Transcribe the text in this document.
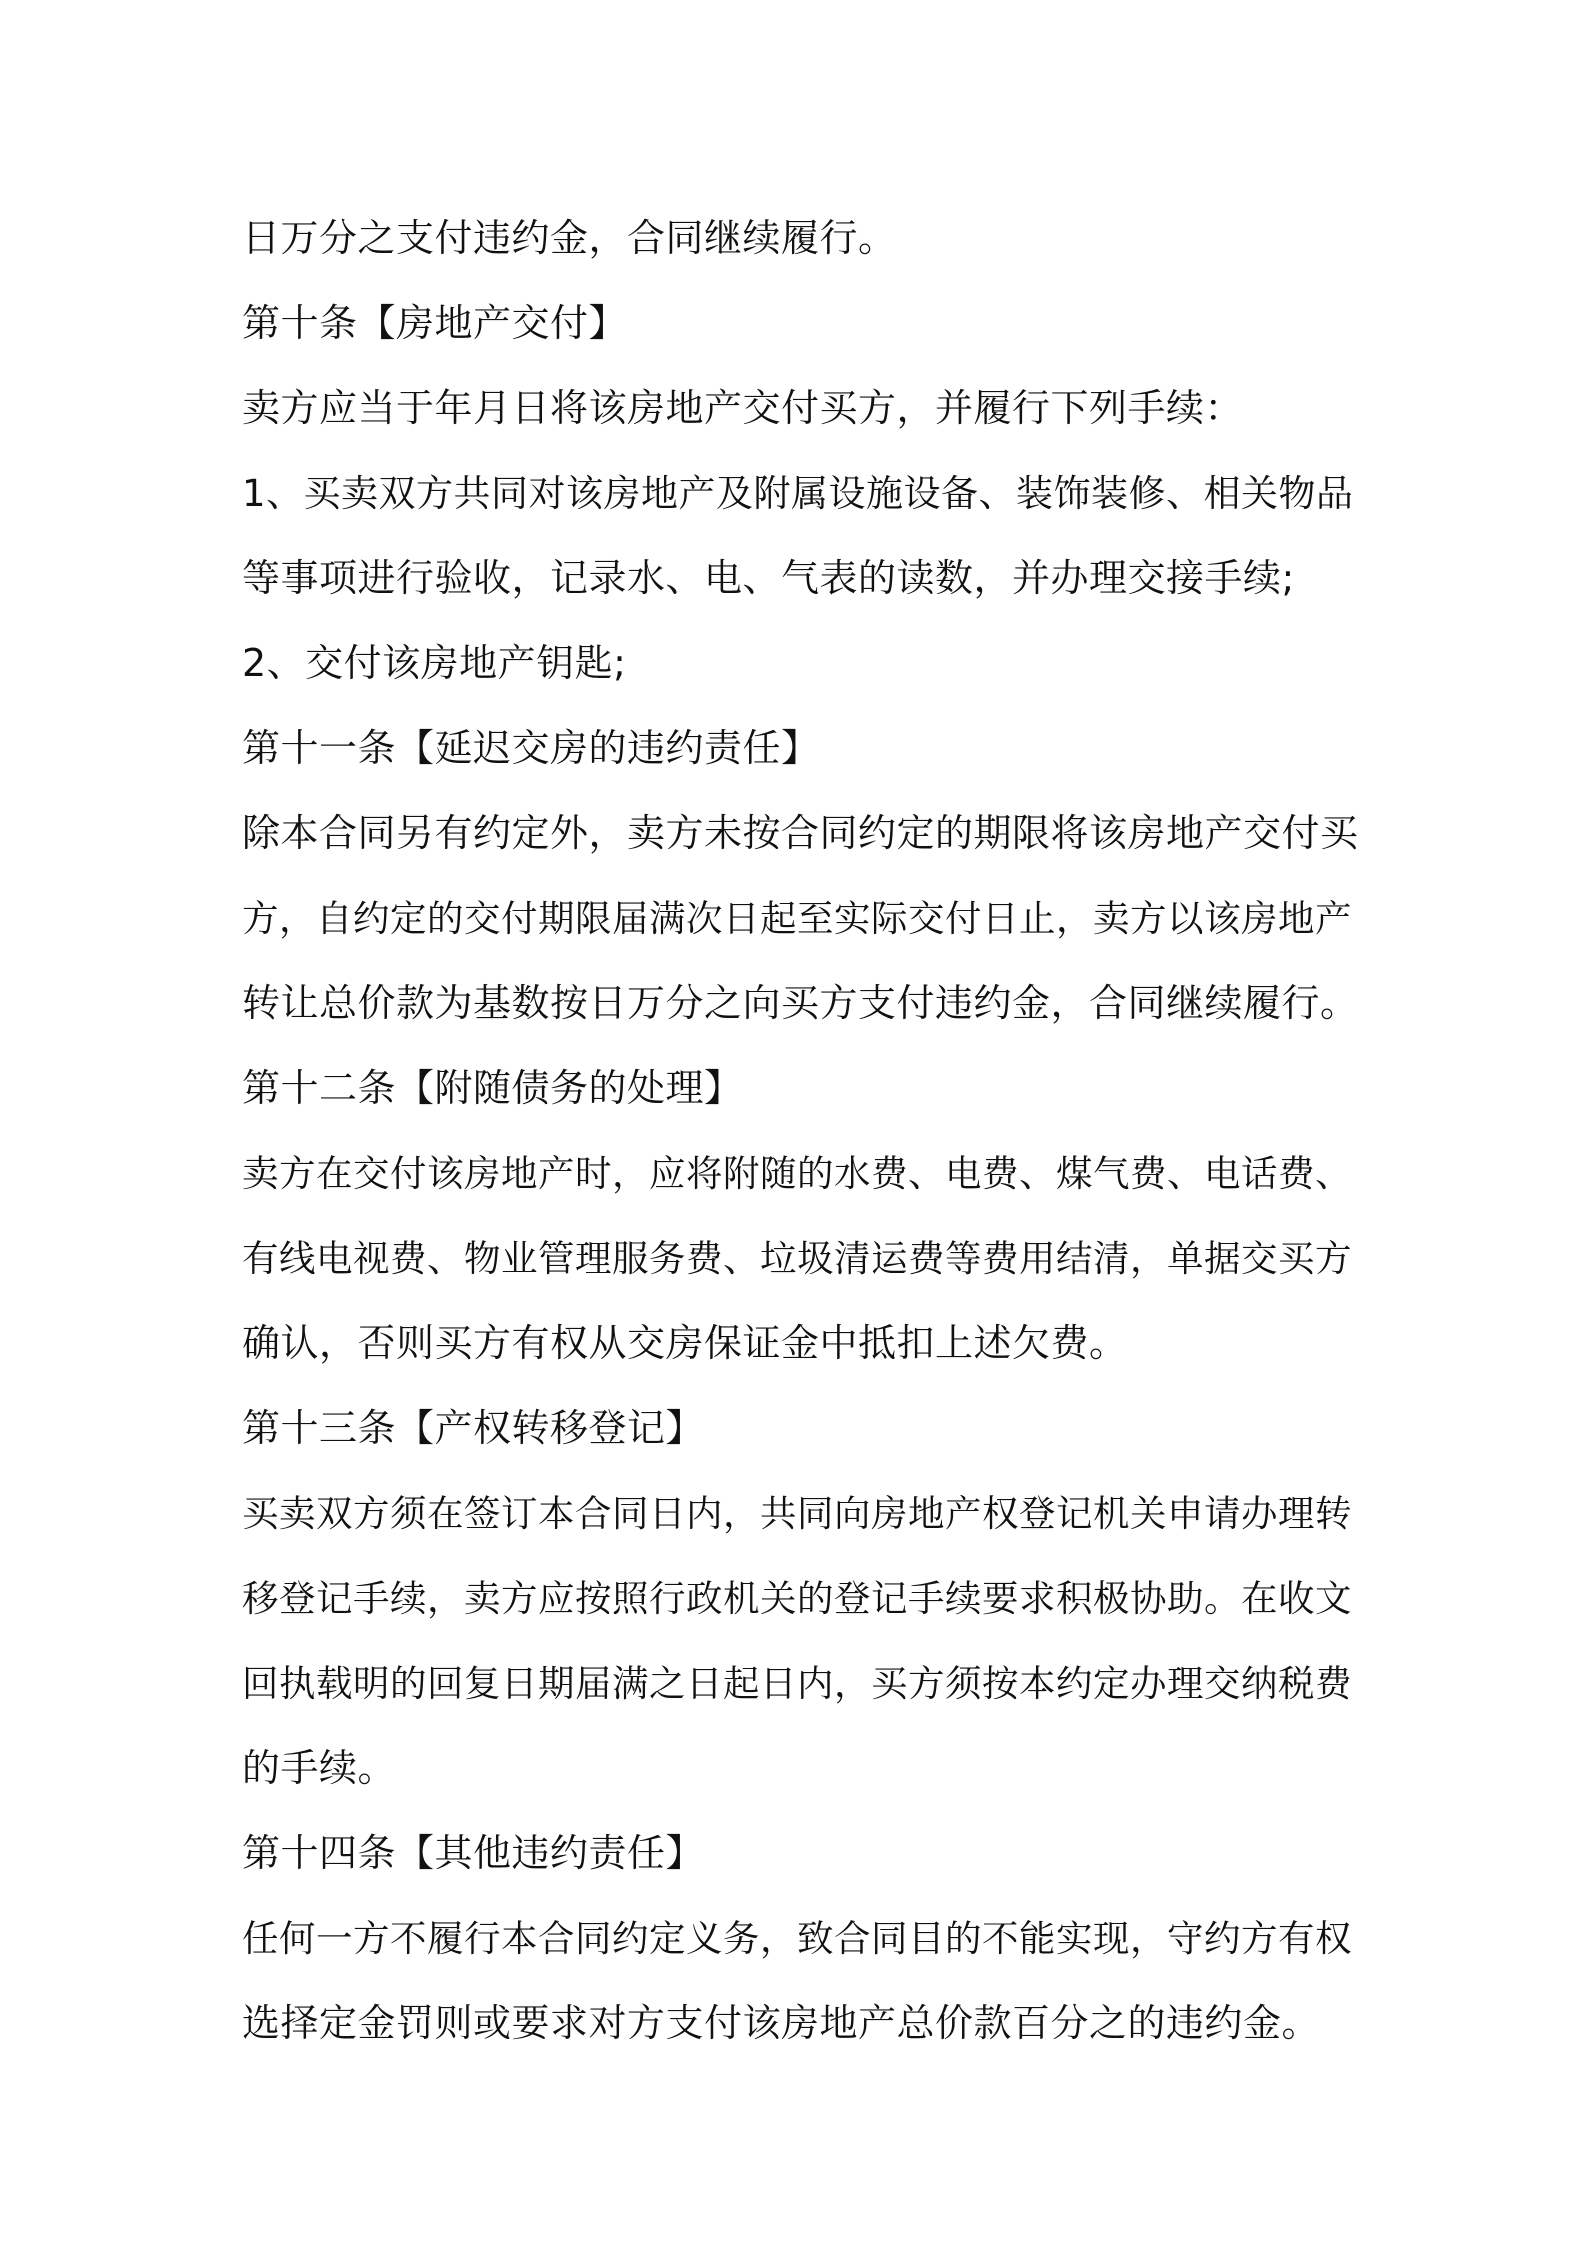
日万分之支付违约金，合同继续履行。
第十条【房地产交付】
卖方应当于年月日将该房地产交付买方，并履行下列手续：
1、买卖双方共同对该房地产及附属设施设备、装饰装修、相关物品
等事项进行验收，记录水、电、气表的读数，并办理交接手续;
2、交付该房地产钥匙;
第十一条【延迟交房的违约责任】
除本合同另有约定外，卖方未按合同约定的期限将该房地产交付买
方，自约定的交付期限届满次日起至实际交付日止，卖方以该房地产
转让总价款为基数按日万分之向买方支付违约金，合同继续履行。
第十二条【附随债务的处理】
卖方在交付该房地产时，应将附随的水费、电费、煤气费、电话费、
有线电视费、物业管理服务费、垃圾清运费等费用结清，单据交买方
确认，否则买方有权从交房保证金中抵扣上述欠费。
第十三条【产权转移登记】
买卖双方须在签订本合同日内，共同向房地产权登记机关申请办理转
移登记手续，卖方应按照行政机关的登记手续要求积极协助。在收文
回执载明的回复日期届满之日起日内，买方须按本约定办理交纳税费
的手续。
第十四条【其他违约责任】
任何一方不履行本合同约定义务，致合同目的不能实现，守约方有权
选择定金罚则或要求对方支付该房地产总价款百分之的违约金。
